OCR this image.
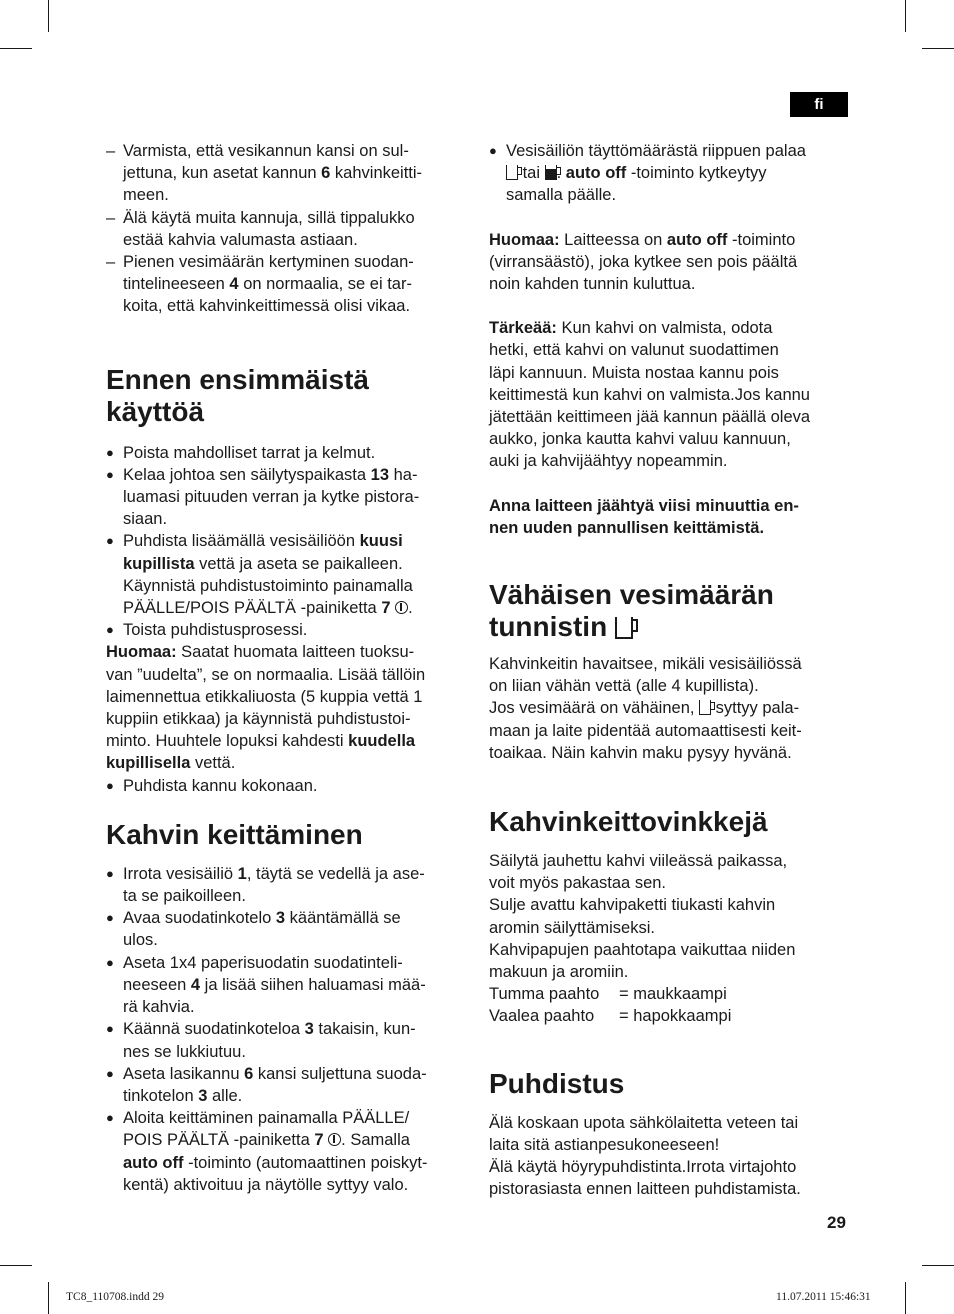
fi

– Varmista, että vesikannun kansi on sul-
jettuna, kun asetat kannun 6 kahvinkeitti-
meen.

– Älä käytä muita kannuja, sillä tippalukko
estää kahvia valumasta astiaan.

– Pienen vesimäärän kertyminen suodan-
tintelineeseen 4 on normaalia, se ei tar-
koita, että kahvinkeittimessä olisi vikaa.

Ennen ensimmäistä
käyttöä

● Poista mahdolliset tarrat ja kelmut.

● Kelaa johtoa sen säilytyspaikasta 13 ha-
luamasi pituuden verran ja kytke pistora-
siaan.

● Puhdista lisäämällä vesisäiliöön kuusi
kupillista vettä ja aseta se paikalleen.
Käynnistä puhdistustoiminto painamalla
PÄÄLLE/POIS PÄÄLTÄ -painiketta 7 .

● Toista puhdistusprosessi.

Huomaa: Saatat huomata laitteen tuoksu-
van ”uudelta”, se on normaalia. Lisää tällöin
laimennettua etikkaliuosta (5 kuppia vettä 1
kuppiin etikkaa) ja käynnistä puhdistustoi-
minto. Huuhtele lopuksi kahdesti kuudella
kupillisella vettä.

● Puhdista kannu kokonaan.

Kahvin keittäminen

● Irrota vesisäiliö 1, täytä se vedellä ja ase-
ta se paikoilleen.

● Avaa suodatinkotelo 3 kääntämällä se
ulos.

● Aseta 1x4 paperisuodatin suodatinteli-
neeseen 4 ja lisää siihen haluamasi mää-
rä kahvia.

● Käännä suodatinkoteloa 3 takaisin, kun-
nes se lukkiutuu.

● Aseta lasikannu 6 kansi suljettuna suoda-
tinkotelon 3 alle.

● Aloita keittäminen painamalla PÄÄLLE/
POIS PÄÄLTÄ -painiketta 7 . Samalla
auto off -toiminto (automaattinen poiskyt-
kentä) aktivoituu ja näytölle syttyy valo.

● Vesisäiliön täyttömäärästä riippuen palaa
tai . auto off -toiminto kytkeytyy
samalla päälle.

Huomaa: Laitteessa on auto off -toiminto
(virransäästö), joka kytkee sen pois päältä
noin kahden tunnin kuluttua.

Tärkeää: Kun kahvi on valmista, odota
hetki, että kahvi on valunut suodattimen
läpi kannuun. Muista nostaa kannu pois
keittimestä kun kahvi on valmista.Jos kannu
jätettään keittimeen jää kannun päällä oleva
aukko, jonka kautta kahvi valuu kannuun,
auki ja kahvijäähtyy nopeammin.

Anna laitteen jäähtyä viisi minuuttia en-
nen uuden pannullisen keittämistä.

Vähäisen vesimäärän
tunnistin

Kahvinkeitin havaitsee, mikäli vesisäiliössä
on liian vähän vettä (alle 4 kupillista).

Jos vesimäärä on vähäinen,  syttyy pala-
maan ja laite pidentää automaattisesti keit-
toaikaa. Näin kahvin maku pysyy hyvänä.

Kahvinkeittovinkkejä

Säilytä jauhettu kahvi viileässä paikassa,
voit myös pakastaa sen.

Sulje avattu kahvipaketti tiukasti kahvin
aromin säilyttämiseksi.

Kahvipapujen paahtotapa vaikuttaa niiden
makuun ja aromiin.

Tumma paahto	= maukkaampi
Vaalea paahto	= hapokkaampi
Puhdistus

Älä koskaan upota sähkölaitetta veteen tai
laita sitä astianpesukoneeseen!

Älä käytä höyrypuhdistinta.Irrota virtajohto
pistorasiasta ennen laitteen puhdistamista.

29
TC8_110708.indd 29	11.07.2011 15:46:31
